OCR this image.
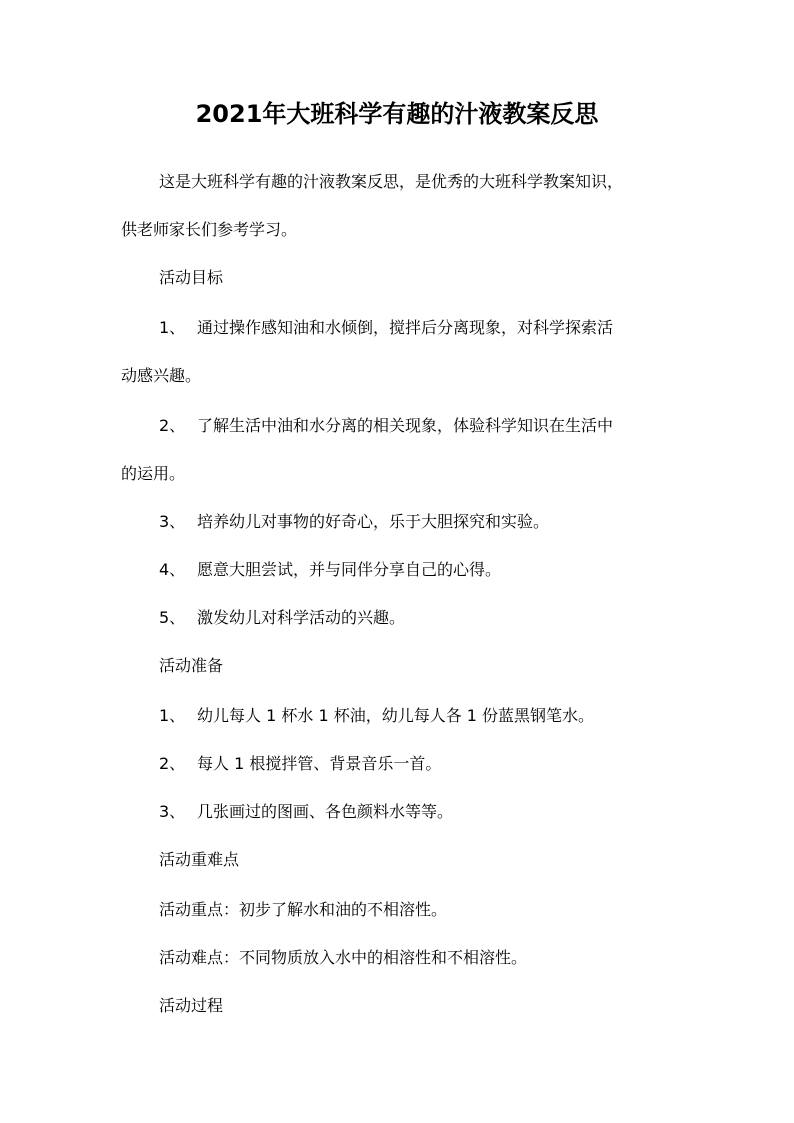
2021年大班科学有趣的汁液教案反思
这是大班科学有趣的汁液教案反思，是优秀的大班科学教案知识，
供老师家长们参考学习。
活动目标
1、 通过操作感知油和水倾倒，搅拌后分离现象，对科学探索活
动感兴趣。
2、 了解生活中油和水分离的相关现象，体验科学知识在生活中
的运用。
3、 培养幼儿对事物的好奇心，乐于大胆探究和实验。
4、 愿意大胆尝试，并与同伴分享自己的心得。
5、 激发幼儿对科学活动的兴趣。
活动准备
1、 幼儿每人 1 杯水 1 杯油，幼儿每人各 1 份蓝黑钢笔水。
2、 每人 1 根搅拌管、背景音乐一首。
3、 几张画过的图画、各色颜料水等等。
活动重难点
活动重点：初步了解水和油的不相溶性。
活动难点：不同物质放入水中的相溶性和不相溶性。
活动过程
